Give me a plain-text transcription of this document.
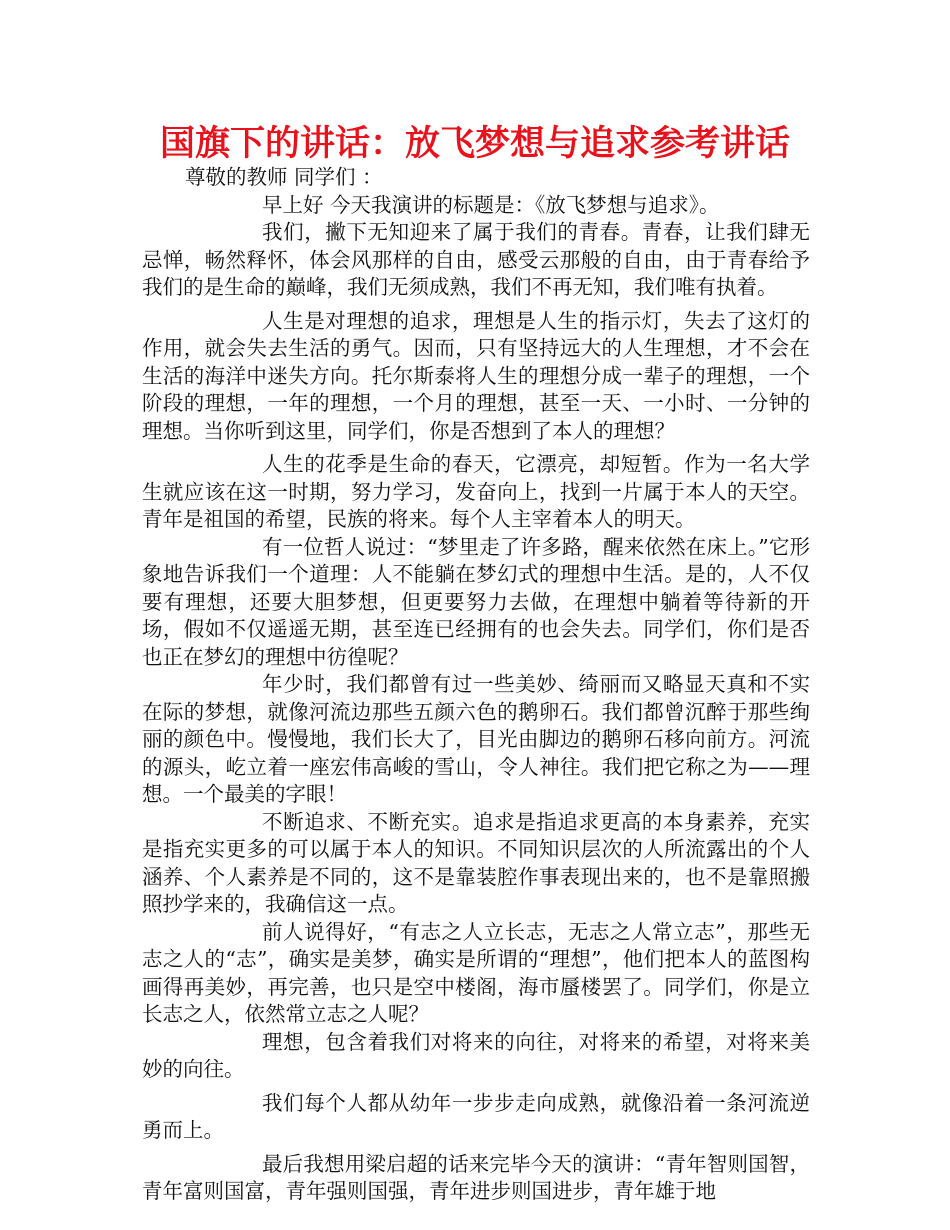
国旗下的讲话：放飞梦想与追求参考讲话

尊敬的教师 同学们 ：

早上好 今天我演讲的标题是：《放飞梦想与追求》。

我们，撇下无知迎来了属于我们的青春。青春，让我们肆无忌惮，畅然释怀，体会风那样的自由，感受云那般的自由，由于青春给予我们的是生命的巅峰，我们无须成熟，我们不再无知，我们唯有执着。

人生是对理想的追求，理想是人生的指示灯，失去了这灯的作用，就会失去生活的勇气。因而，只有坚持远大的人生理想，才不会在生活的海洋中迷失方向。托尔斯泰将人生的理想分成一辈子的理想，一个阶段的理想，一年的理想，一个月的理想，甚至一天、一小时、一分钟的理想。当你听到这里，同学们，你是否想到了本人的理想？

人生的花季是生命的春天，它漂亮，却短暂。作为一名大学生就应该在这一时期，努力学习，发奋向上，找到一片属于本人的天空。青年是祖国的希望，民族的将来。每个人主宰着本人的明天。

有一位哲人说过：“梦里走了许多路，醒来依然在床上。”它形象地告诉我们一个道理：人不能躺在梦幻式的理想中生活。是的，人不仅要有理想，还要大胆梦想，但更要努力去做，在理想中躺着等待新的开场，假如不仅遥遥无期，甚至连已经拥有的也会失去。同学们，你们是否也正在梦幻的理想中彷徨呢？

年少时，我们都曾有过一些美妙、绮丽而又略显天真和不实在际的梦想，就像河流边那些五颜六色的鹅卵石。我们都曾沉醉于那些绚丽的颜色中。慢慢地，我们长大了，目光由脚边的鹅卵石移向前方。河流的源头，屹立着一座宏伟高峻的雪山，令人神往。我们把它称之为——理想。一个最美的字眼！

不断追求、不断充实。追求是指追求更高的本身素养，充实是指充实更多的可以属于本人的知识。不同知识层次的人所流露出的个人涵养、个人素养是不同的，这不是靠装腔作事表现出来的，也不是靠照搬照抄学来的，我确信这一点。

前人说得好，“有志之人立长志，无志之人常立志”，那些无志之人的“志”，确实是美梦，确实是所谓的“理想”，他们把本人的蓝图构画得再美妙，再完善，也只是空中楼阁，海市蜃楼罢了。同学们，你是立长志之人，依然常立志之人呢？

理想，包含着我们对将来的向往，对将来的希望，对将来美妙的向往。

我们每个人都从幼年一步步走向成熟，就像沿着一条河流逆勇而上。

最后我想用梁启超的话来完毕今天的演讲：“青年智则国智，青年富则国富，青年强则国强，青年进步则国进步，青年雄于地
